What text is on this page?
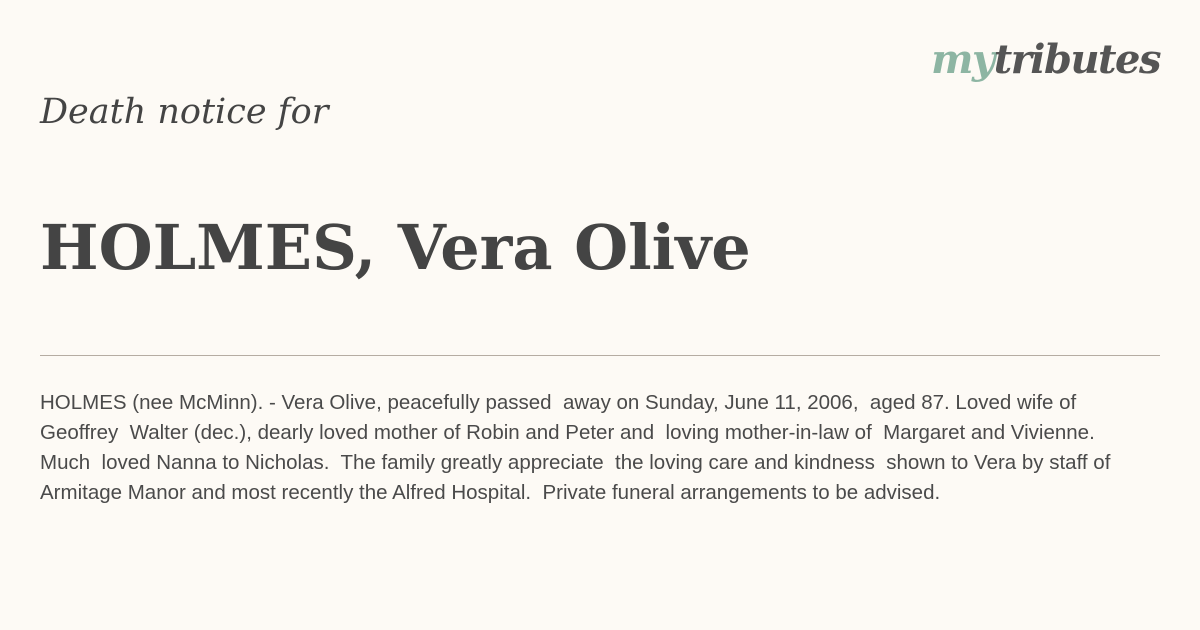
mytributes
Death notice for
HOLMES, Vera Olive

HOLMES (nee McMinn). - Vera Olive, peacefully passed  away on Sunday, June 11, 2006,  aged 87. Loved wife of Geoffrey  Walter (dec.), dearly loved mother of Robin and Peter and  loving mother-in-law of  Margaret and Vivienne.  Much  loved Nanna to Nicholas.  The family greatly appreciate  the loving care and kindness  shown to Vera by staff of  Armitage Manor and most recently the Alfred Hospital.  Private funeral arrangements to be advised.
